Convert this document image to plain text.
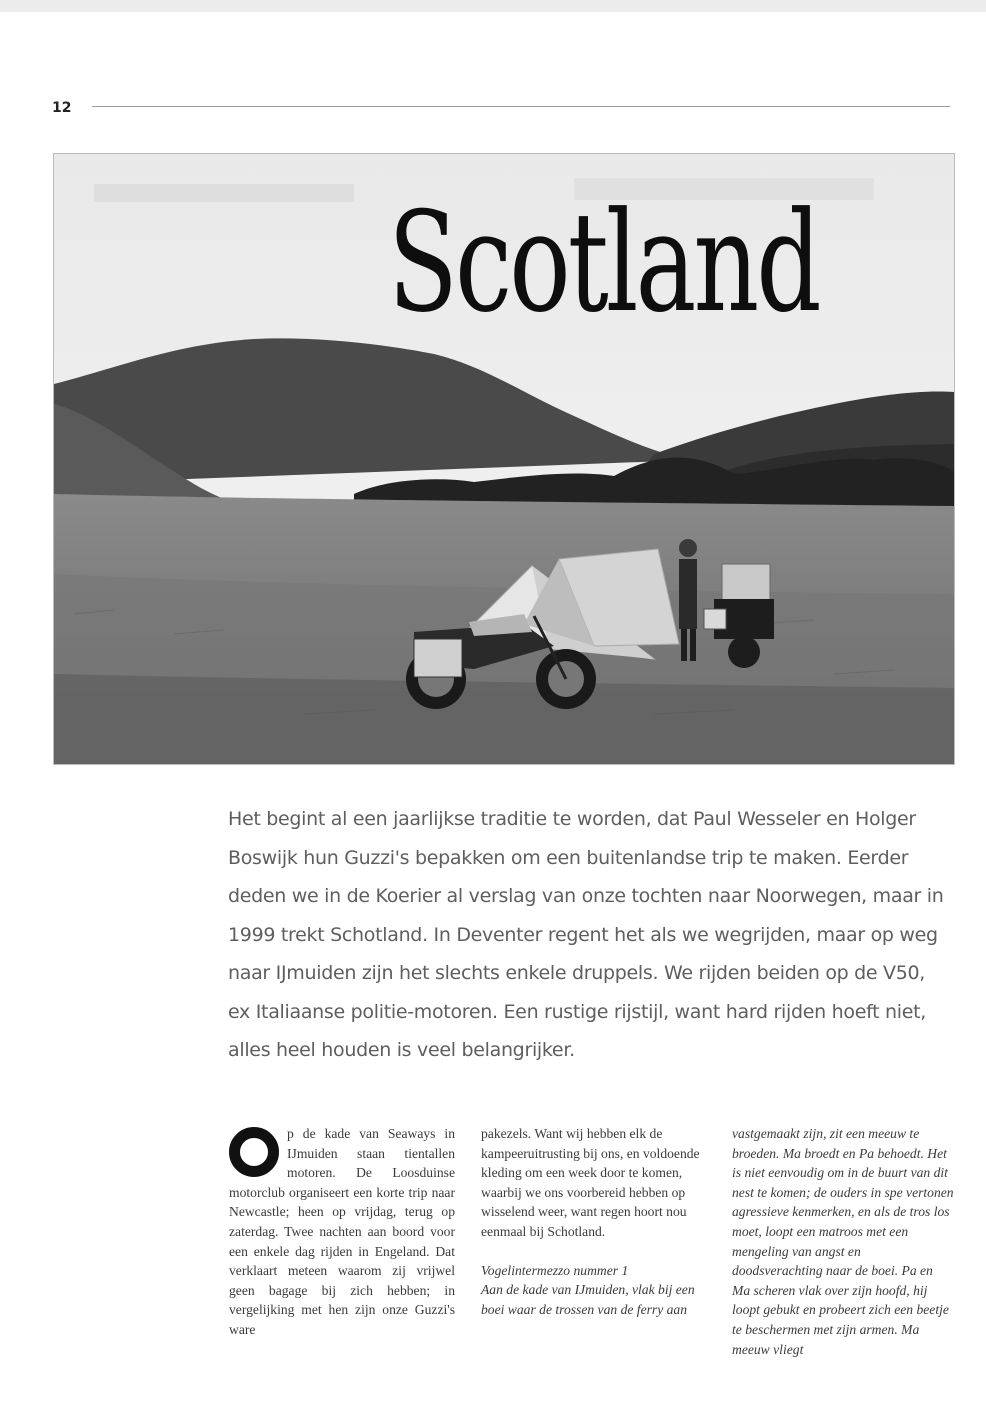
12
Scotland

Het begint al een jaarlijkse traditie te worden, dat Paul Wesseler en Holger Boswijk hun Guzzi's bepakken om een buitenlandse trip te maken. Eerder deden we in de Koerier al verslag van onze tochten naar Noorwegen, maar in 1999 trekt Schotland. In Deventer regent het als we wegrijden, maar op weg naar IJmuiden zijn het slechts enkele druppels. We rijden beiden op de V50, ex Italiaanse politie-motoren. Een rustige rijstijl, want hard rijden hoeft niet, alles heel houden is veel belangrijker.

p de kade van Seaways in IJmuiden staan tientallen motoren. De Loosduinse motorclub organiseert een korte trip naar Newcastle; heen op vrijdag, terug op zaterdag. Twee nachten aan boord voor een enkele dag rijden in Engeland. Dat verklaart meteen waarom zij vrijwel geen bagage bij zich hebben; in vergelijking met hen zijn onze Guzzi's ware

pakezels. Want wij hebben elk de kampeeruitrusting bij ons, en voldoende kleding om een week door te komen, waarbij we ons voorbereid hebben op wisselend weer, want regen hoort nou eenmaal bij Schotland.

Vogelintermezzo nummer 1

Aan de kade van IJmuiden, vlak bij een boei waar de trossen van de ferry aan

vastgemaakt zijn, zit een meeuw te broeden. Ma broedt en Pa behoedt. Het is niet eenvoudig om in de buurt van dit nest te komen; de ouders in spe vertonen agressieve kenmerken, en als de tros los moet, loopt een matroos met een mengeling van angst en doodsverachting naar de boei. Pa en Ma scheren vlak over zijn hoofd, hij loopt gebukt en probeert zich een beetje te beschermen met zijn armen. Ma meeuw vliegt
